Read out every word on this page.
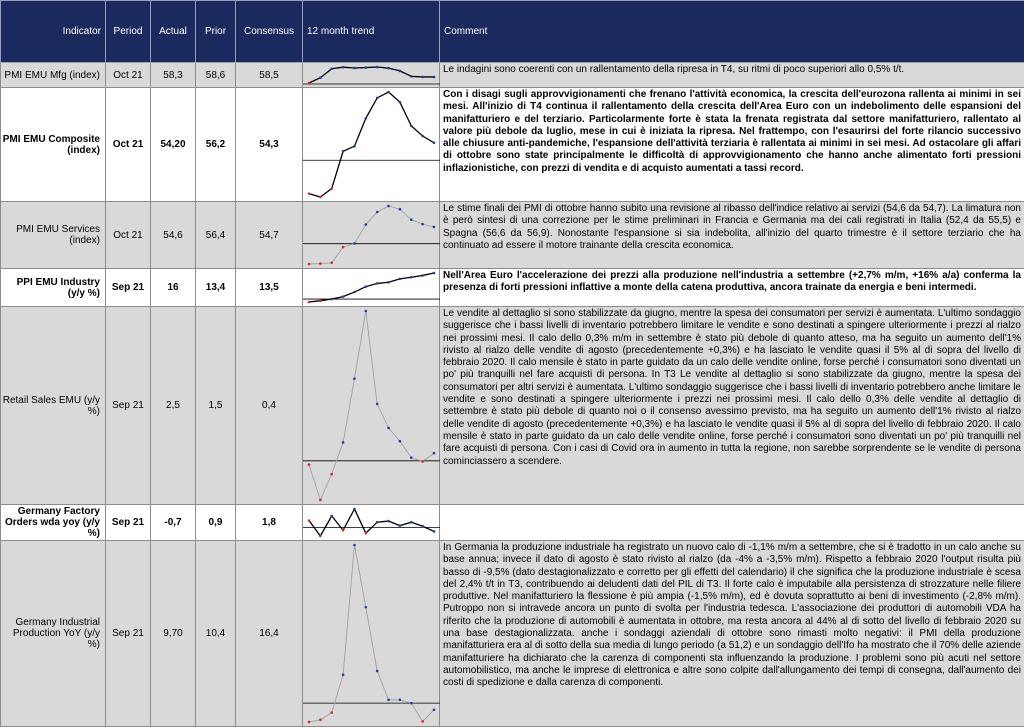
Indicator	Period	Actual	Prior	Consensus	12 month trend	Comment
PMI EMU Mfg (index)	Oct 21	58,3	58,6	58,5		Le indagini sono coerenti con un rallentamento della ripresa in T4, su ritmi di poco superiori allo 0,5% t/t.
PMI EMU Composite (index)	Oct 21	54,20	56,2	54,3		Con i disagi sugli approvvigionamenti che frenano l'attività economica, la crescita dell'eurozona rallenta ai minimi in sei mesi. All'inizio di T4 continua il rallentamento della crescita dell'Area Euro con un indebolimento delle espansioni del manifatturiero e del terziario. Particolarmente forte è stata la frenata registrata dal settore manifatturiero, rallentato al valore più debole da luglio, mese in cui è iniziata la ripresa. Nel frattempo, con l'esaurirsi del forte rilancio successivo alle chiusure anti-pandemiche, l'espansione dell'attività terziaria è rallentata ai minimi in sei mesi. Ad ostacolare gli affari di ottobre sono state principalmente le difficoltà di approvvigionamento che hanno anche alimentato forti pressioni inflazionistiche, con prezzi di vendita e di acquisto aumentati a tassi record.
PMI EMU Services (index)	Oct 21	54,6	56,4	54,7		Le stime finali dei PMI di ottobre hanno subito una revisione al ribasso dell'indice relativo ai servizi (54,6 da 54,7). La limatura non è però sintesi di una correzione per le stime preliminari in Francia e Germania ma dei cali registrati in Italia (52,4 da 55,5) e Spagna (56,6 da 56,9). Nonostante l'espansione si sia indebolita, all'inizio del quarto trimestre è il settore terziario che ha continuato ad essere il motore trainante della crescita economica.
PPI EMU Industry (y/y %)	Sep 21	16	13,4	13,5		Nell'Area Euro l'accelerazione dei prezzi alla produzione nell'industria a settembre (+2,7% m/m, +16% a/a) conferma la presenza di forti pressioni inflattive a monte della catena produttiva, ancora trainate da energia e beni intermedi.
Retail Sales EMU (y/y %)	Sep 21	2,5	1,5	0,4		Le vendite al dettaglio si sono stabilizzate da giugno, mentre la spesa dei consumatori per servizi è aumentata. L'ultimo sondaggio suggerisce che i bassi livelli di inventario potrebbero limitare le vendite e sono destinati a spingere ulteriormente i prezzi al rialzo nei prossimi mesi. Il calo dello 0,3% m/m in settembre è stato più debole di quanto atteso, ma ha seguito un aumento dell'1% rivisto al rialzo delle vendite di agosto (precedentemente +0,3%) e ha lasciato le vendite quasi il 5% al di sopra del livello di febbraio 2020. Il calo mensile è stato in parte guidato da un calo delle vendite online, forse perché i consumatori sono diventati un po' più tranquilli nel fare acquisti di persona. In T3 Le vendite al dettaglio si sono stabilizzate da giugno, mentre la spesa dei consumatori per altri servizi è aumentata. L'ultimo sondaggio suggerisce che i bassi livelli di inventario potrebbero anche limitare le vendite e sono destinati a spingere ulteriormente i prezzi nei prossimi mesi. Il calo dello 0,3% delle vendite al dettaglio di settembre è stato più debole di quanto noi o il consenso avessimo previsto, ma ha seguito un aumento dell'1% rivisto al rialzo delle vendite di agosto (precedentemente +0,3%) e ha lasciato le vendite quasi il 5% al di sopra del livello di febbraio 2020. Il calo mensile è stato in parte guidato da un calo delle vendite online, forse perché i consumatori sono diventati un po' più tranquilli nel fare acquisti di persona. Con i casi di Covid ora in aumento in tutta la regione, non sarebbe sorprendente se le vendite di persona cominciassero a scendere.
Germany Factory Orders wda yoy (y/y %)	Sep 21	-0,7	0,9	1,8	

Germany Industrial Production YoY (y/y %)	Sep 21	9,70	10,4	16,4		In Germania la produzione industriale ha registrato un nuovo calo di -1,1% m/m a settembre, che si è tradotto in un calo anche su base annua; invece il dato di agosto è stato rivisto al rialzo (da -4% a -3,5% m/m). Rispetto a febbraio 2020 l'output risulta più basso di -9,5% (dato destagionalizzato e corretto per gli effetti del calendario) il che significa che la produzione industriale è scesa del 2,4% t/t in T3, contribuendo ai deludenti dati del PIL di T3. Il forte calo è imputabile alla persistenza di strozzature nelle filiere produttive. Nel manifatturiero la flessione è più ampia (-1,5% m/m), ed è dovuta soprattutto ai beni di investimento (-2,8% m/m). Putroppo non si intravede ancora un punto di svolta per l'industria tedesca. L'associazione dei produttori di automobili VDA ha riferito che la produzione di automobili è aumentata in ottobre, ma resta ancora al 44% al di sotto del livello di febbraio 2020 su una base destagionalizzata. anche i sondaggi aziendali di ottobre sono rimasti molto negativi: il PMI della produzione manifatturiera era al di sotto della sua media di lungo periodo (a 51,2) e un sondaggio dell'Ifo ha mostrato che il 70% delle aziende manifatturiere ha dichiarato che la carenza di componenti sta influenzando la produzione. I problemi sono più acuti nel settore automobilistico, ma anche le imprese di elettronica e altre sono colpite dall'allungamento dei tempi di consegna, dall'aumento dei costi di spedizione e dalla carenza di componenti.
